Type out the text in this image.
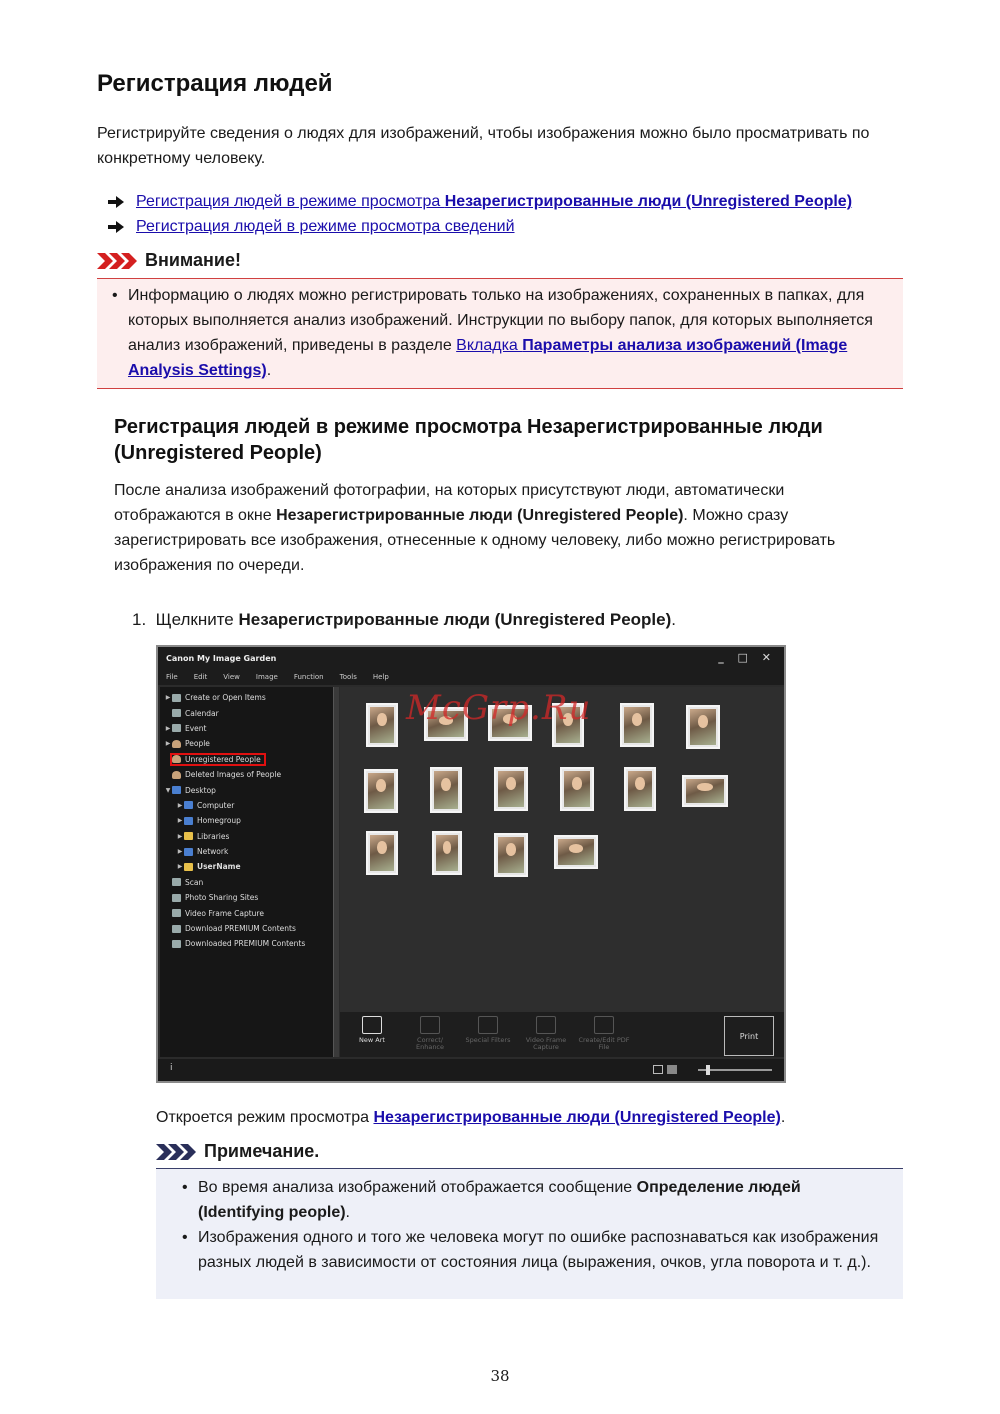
Регистрация людей

Регистрируйте сведения о людях для изображений, чтобы изображения можно было просматривать по конкретному человеку.

Регистрация людей в режиме просмотра Незарегистрированные люди (Unregistered People)
Регистрация людей в режиме просмотра сведений
Внимание!
• Информацию о людях можно регистрировать только на изображениях, сохраненных в папках, для которых выполняется анализ изображений. Инструкции по выбору папок, для которых выполняется анализ изображений, приведены в разделе Вкладка Параметры анализа изображений (Image Analysis Settings).
Регистрация людей в режиме просмотра Незарегистрированные люди (Unregistered People)

После анализа изображений фотографии, на которых присутствуют люди, автоматически отображаются в окне Незарегистрированные люди (Unregistered People). Можно сразу зарегистрировать все изображения, отнесенные к одному человеку, либо можно регистрировать изображения по очереди.

1. Щелкните Незарегистрированные люди (Unregistered People).
Canon My Image Garden	_ □ ✕
File Edit View Image Function Tools Help
▶ Create or Open Items
Calendar
▶ Event
▶ People
Unregistered People
Deleted Images of People
▼ Desktop
▶ Computer
▶ Homegroup
▶ Libraries
▶ Network
▶ UserName
Scan
Photo Sharing Sites
Video Frame Capture
Download PREMIUM Contents
Downloaded PREMIUM Contents
New Art	Correct/ Enhance
Special Filters	Video Frame Capture
Create/Edit PDF File
Print
i
McGrp.Ru
Откроется режим просмотра Незарегистрированные люди (Unregistered People).
Примечание.
• Во время анализа изображений отображается сообщение Определение людей (Identifying people).
• Изображения одного и того же человека могут по ошибке распознаваться как изображения разных людей в зависимости от состояния лица (выражения, очков, угла поворота и т. д.).
38
